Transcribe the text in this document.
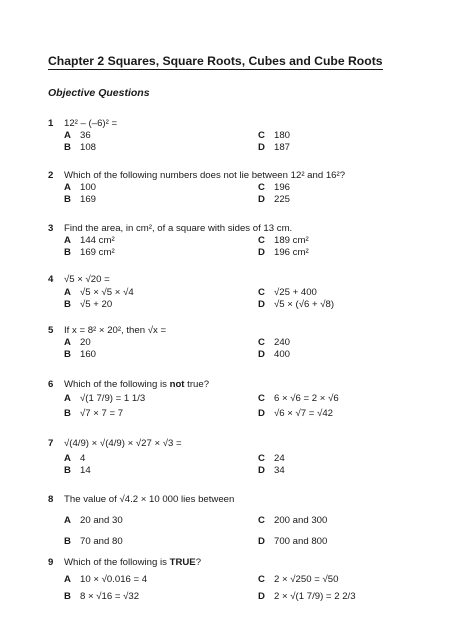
Chapter 2 Squares, Square Roots, Cubes and Cube Roots
Objective Questions
1	12² – (–6)² =
A 36	C 180
B 108	D 187
2	Which of the following numbers does not lie between 12² and 16²?
A 100	C 196
B 169	D 225
3	Find the area, in cm², of a square with sides of 13 cm.
A 144 cm²	C 189 cm²
B 169 cm²	D 196 cm²
4	√5 × √20 =
A √5 × √5 × √4	C √25 + 400
B √5 + 20	D √5 × (√6 + √8)
5	If x = 8² × 20², then √x =
A 20	C 240
B 160	D 400
6	Which of the following is not true?
A √(1 7/9) = 1 1/3	C 6 × √6 = 2 × √6
B √7 × 7 = 7	D √6 × √7 = √42
7	√(4/9) × √(4/9) × √27 × √3 =
A 4	C 24
B 14	D 34
8	The value of √4.2 × 10 000 lies between
A 20 and 30	C 200 and 300
B 70 and 80	D 700 and 800
9	Which of the following is TRUE?
A 10 × √0.016 = 4	C 2 × √250 = √50
B 8 × √16 = √32	D 2 × √(1 7/9) = 2 2/3
